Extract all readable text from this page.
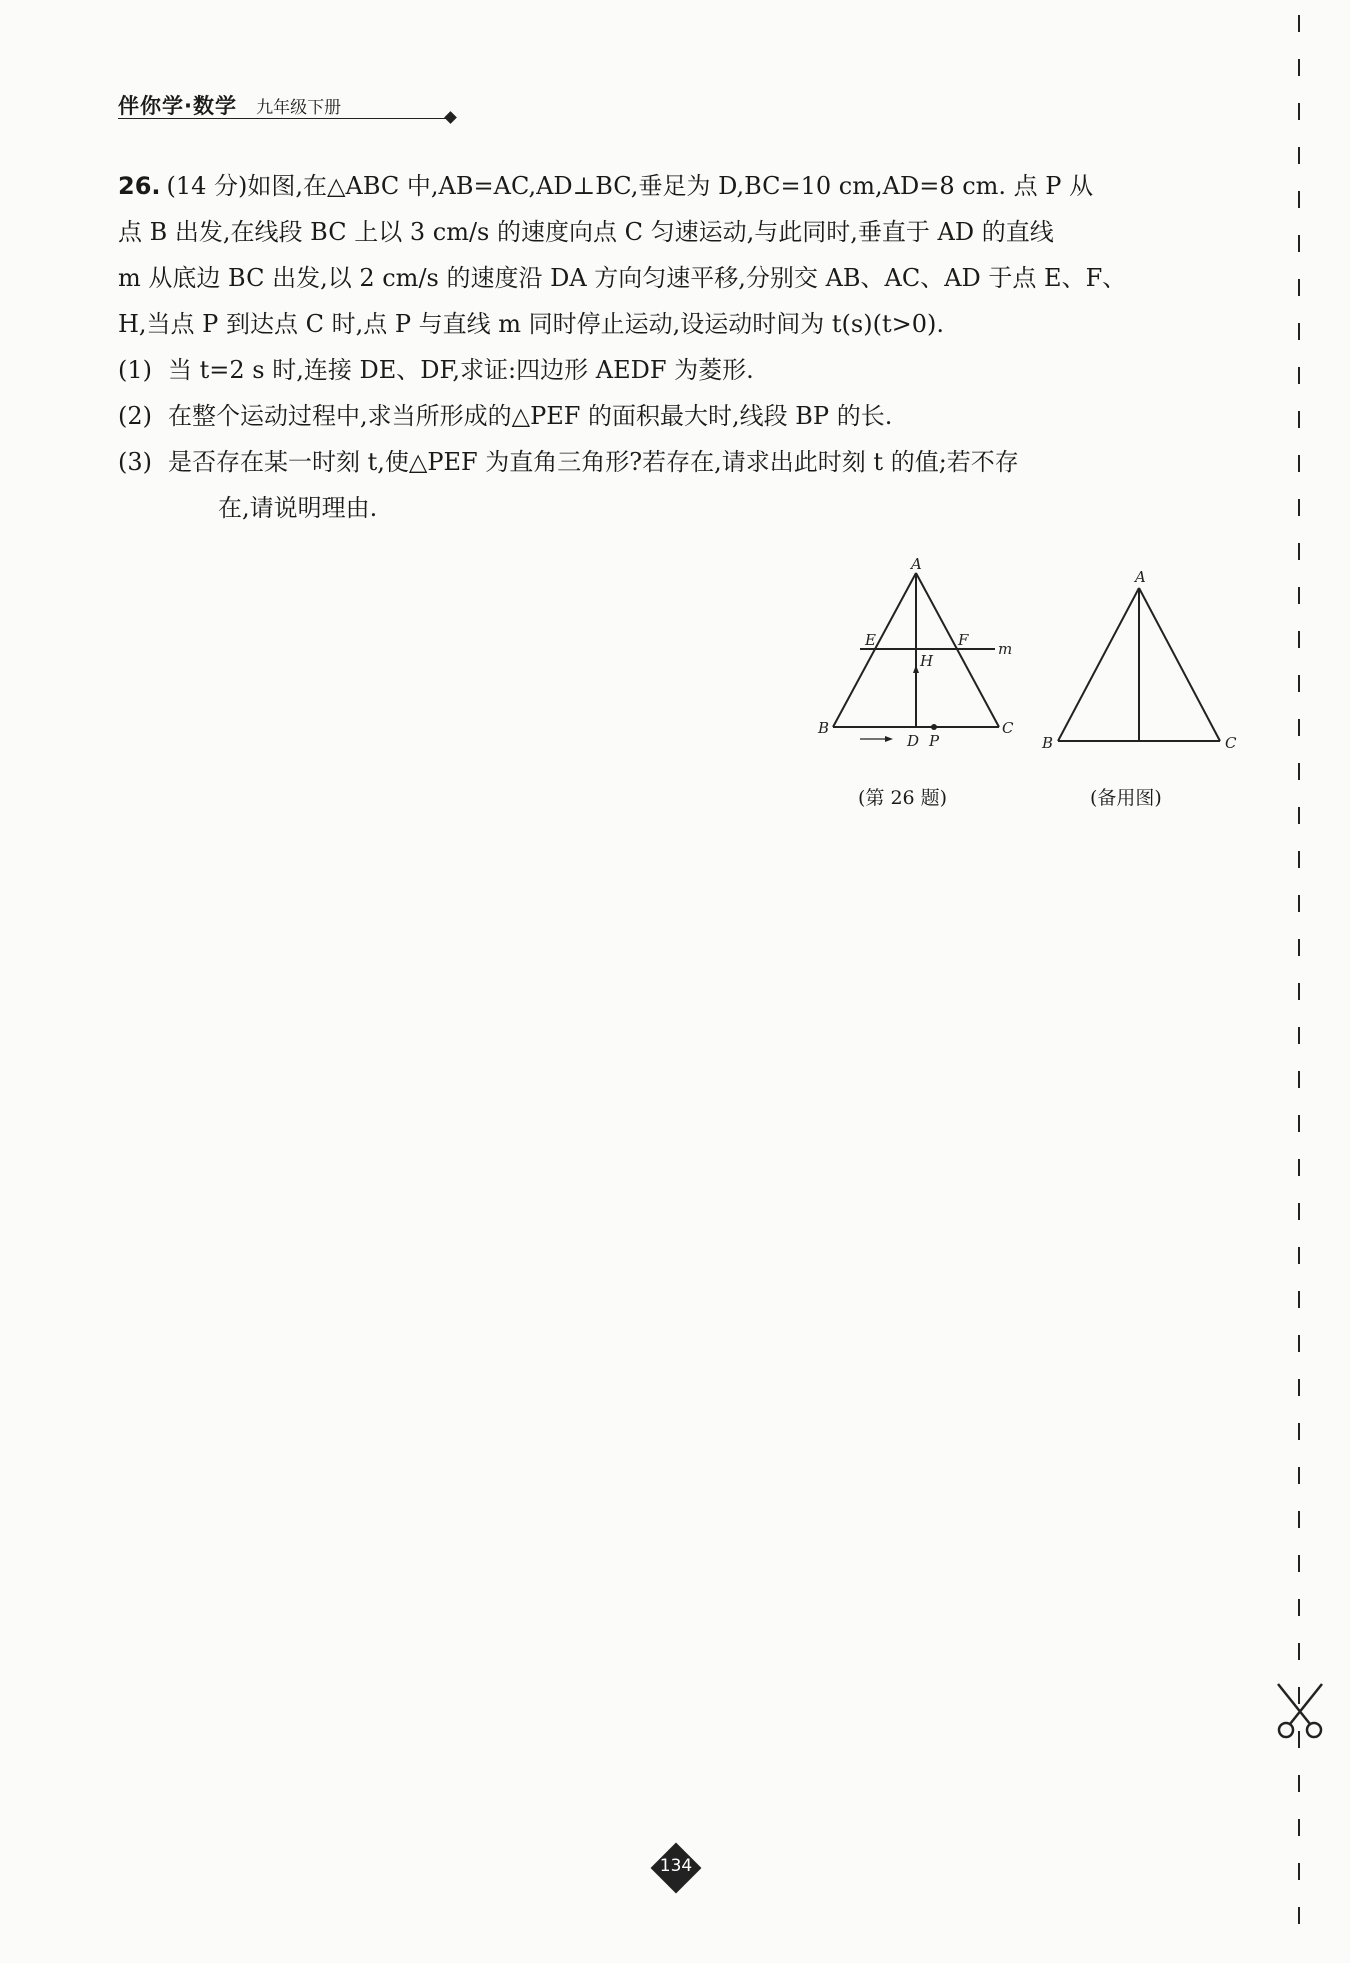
伴你学·数学 九年级下册

26. (14 分)如图,在△ABC 中,AB=AC,AD⊥BC,垂足为 D,BC=10 cm,AD=8 cm. 点 P 从

点 B 出发,在线段 BC 上以 3 cm/s 的速度向点 C 匀速运动,与此同时,垂直于 AD 的直线

m 从底边 BC 出发,以 2 cm/s 的速度沿 DA 方向匀速平移,分别交 AB、AC、AD 于点 E、F、

H,当点 P 到达点 C 时,点 P 与直线 m 同时停止运动,设运动时间为 t(s)(t>0).

(1) 当 t=2 s 时,连接 DE、DF,求证:四边形 AEDF 为菱形.

(2) 在整个运动过程中,求当所形成的△PEF 的面积最大时,线段 BP 的长.

(3) 是否存在某一时刻 t,使△PEF 为直角三角形?若存在,请求出此时刻 t 的值;若不存

在,请说明理由.

A
E	F m
H
B	C
D P
(第 26 题)
A
B	C
(备用图)
134
